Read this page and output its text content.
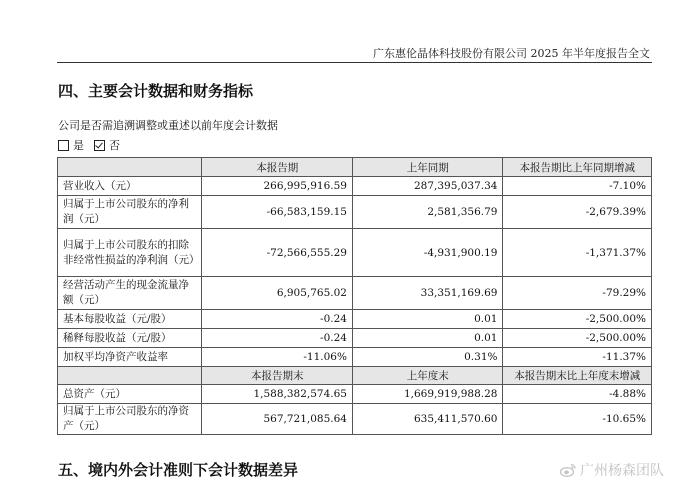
广东惠伦晶体科技股份有限公司 2025 年半年度报告全文
四、主要会计数据和财务指标
公司是否需追溯调整或重述以前年度会计数据
是 否
	本报告期	上年同期	本报告期比上年同期增减
营业收入（元）	266,995,916.59	287,395,037.34	-7.10%
归属于上市公司股东的净利润（元）	-66,583,159.15	2,581,356.79	-2,679.39%
归属于上市公司股东的扣除非经常性损益的净利润（元）	-72,566,555.29	-4,931,900.19	-1,371.37%
经营活动产生的现金流量净额（元）	6,905,765.02	33,351,169.69	-79.29%
基本每股收益（元/股）	-0.24	0.01	-2,500.00%
稀释每股收益（元/股）	-0.24	0.01	-2,500.00%
加权平均净资产收益率	-11.06%	0.31%	-11.37%
	本报告期末	上年度末	本报告期末比上年度末增减
总资产（元）	1,588,382,574.65	1,669,919,988.28	-4.88%
归属于上市公司股东的净资产（元）	567,721,085.64	635,411,570.60	-10.65%
五、境内外会计准则下会计数据差异	广州杨森团队
